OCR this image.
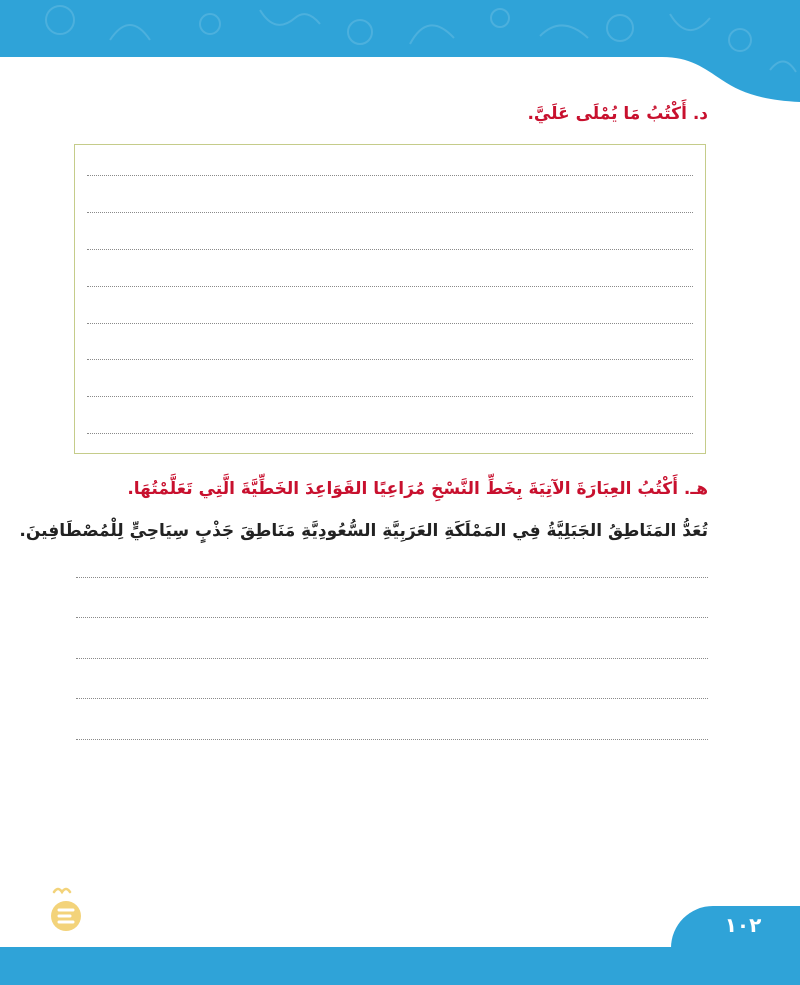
د. أَكْتُبُ مَا يُمْلَى عَلَيَّ.
هـ. أَكْتُبُ العِبَارَةَ الآتِيَةَ بِخَطِّ النَّسْخِ مُرَاعِيًا القَوَاعِدَ الخَطِّيَّةَ الَّتِي تَعَلَّمْتُهَا.

تُعَدُّ المَنَاطِقُ الجَبَلِيَّةُ فِي المَمْلَكَةِ العَرَبِيَّةِ السُّعُودِيَّةِ مَنَاطِقَ جَذْبٍ سِيَاحِيٍّ لِلْمُصْطَافِينَ.

١٠٢
